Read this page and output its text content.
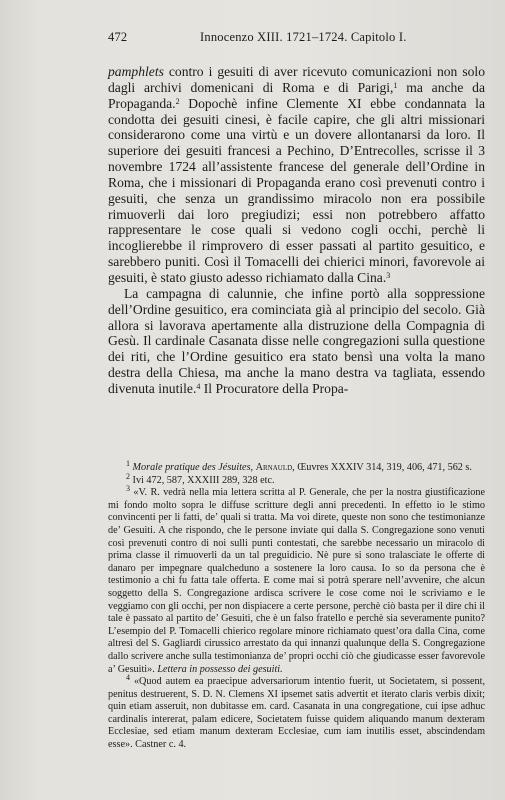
472	Innocenzo XIII. 1721–1724. Capitolo I.

pamphlets contro i gesuiti di aver ricevuto comunicazioni non solo dagli archivi domenicani di Roma e di Parigi,$^1$ ma anche da Propaganda.$^2$ Dopochè infine Clemente XI ebbe condannata la condotta dei gesuiti cinesi, è facile capire, che gli altri missionari considerarono come una virtù e un dovere allontanarsi da loro. Il superiore dei gesuiti francesi a Pechino, D’Entrecolles, scrisse il 3 novembre 1724 all’assistente francese del generale dell’Ordine in Roma, che i missionari di Propaganda erano così prevenuti contro i gesuiti, che senza un grandissimo miracolo non era possibile rimuoverli dai loro pregiudizi; essi non potrebbero affatto rappresentare le cose quali si vedono cogli occhi, perchè li incoglierebbe il rimprovero di esser passati al partito gesuitico, e sarebbero puniti. Così il Tomacelli dei chierici minori, favorevole ai gesuiti, è stato giusto adesso richiamato dalla Cina.$^3$

La campagna di calunnie, che infine portò alla soppressione dell’Ordine gesuitico, era cominciata già al principio del secolo. Già allora si lavorava apertamente alla distruzione della Compagnia di Gesù. Il cardinale Casanata disse nelle congregazioni sulla questione dei riti, che l’Ordine gesuitico era stato bensì una volta la mano destra della Chiesa, ma anche la mano destra va tagliata, essendo divenuta inutile.$^4$ Il Procuratore della Propa-

$^1$ Morale pratique des Jésuites, Arnauld, Œuvres XXXIV 314, 319, 406, 471, 562 s.

$^2$ Ivi 472, 587, XXXIII 289, 328 etc.

$^3$ «V. R. vedrà nella mia lettera scritta al P. Generale, che per la nostra giustificazione mi fondo molto sopra le diffuse scritture degli anni precedenti. In effetto io le stimo convincenti per li fatti, de’ quali si tratta. Ma voi direte, queste non sono che testimonianze de’ Gesuiti. A che rispondo, che le persone inviate qui dalla S. Congregazione sono venuti così prevenuti contro di noi sulli punti contestati, che sarebbe necessario un miracolo di prima classe il rimuoverli da un tal preguidicio. Nè pure si sono tralasciate le offerte di danaro per impegnare qualcheduno a sostenere la loro causa. Io so da persona che è testimonio a chi fu fatta tale offerta. E come mai si potrà sperare nell’avvenire, che alcun soggetto della S. Congregazione ardisca scrivere le cose come noi le scriviamo e le veggiamo con gli occhi, per non dispiacere a certe persone, perchè ciò basta per il dire chi il tale è passato al partito de’ Gesuiti, che è un falso fratello e perchè sia severamente punito? L’esempio del P. Tomacelli chierico regolare minore richiamato quest’ora dalla Cina, come altresì del S. Gagliardi cirussico arrestato da qui innanzi qualunque della S. Congregazione dallo scrivere anche sulla testimonianza de’ propri occhi ciò che giudicasse esser favorevole a’ Gesuiti». Lettera in possesso dei gesuiti.

$^4$ «Quod autem ea praecipue adversariorum intentio fuerit, ut Societatem, si possent, penitus destruerent, S. D. N. Clemens XI ipsemet satis advertit et iterato claris verbis dixit; quin etiam asseruit, non dubitasse em. card. Casanata in una congregatione, cui ipse adhuc cardinalis intererat, palam edicere, Societatem fuisse quidem aliquando manum dexteram Ecclesiae, sed etiam manum dexteram Ecclesiae, cum iam inutilis esset, abscindendam esse». Castner c. 4.
